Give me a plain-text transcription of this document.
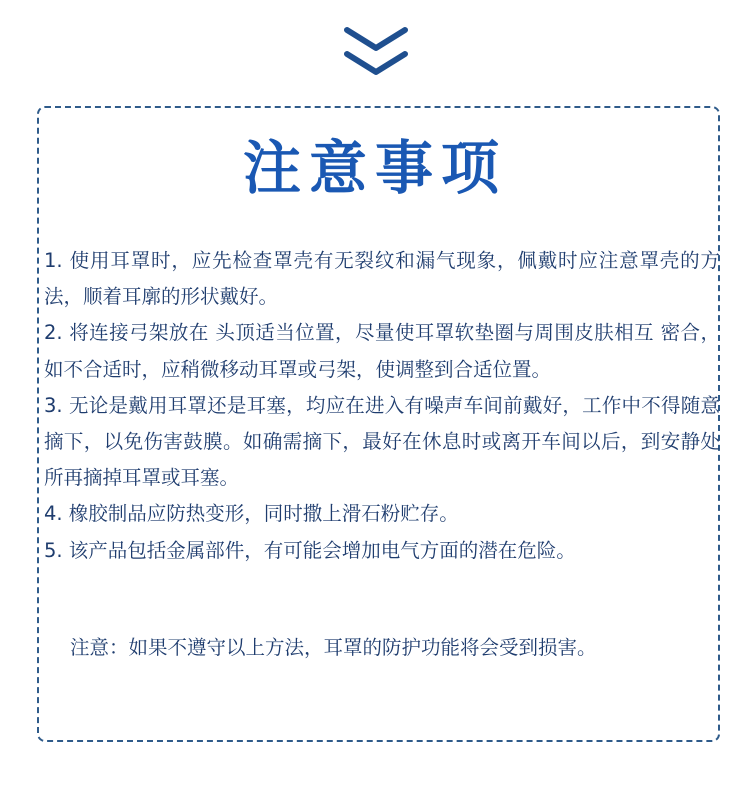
注意事项

1. 使用耳罩时，应先检查罩壳有无裂纹和漏气现象，佩戴时应注意罩壳的方法，顺着耳廓的形状戴好。

2. 将连接弓架放在 头顶适当位置，尽量使耳罩软垫圈与周围皮肤相互 密合，如不合适时，应稍微移动耳罩或弓架，使调整到合适位置。

3. 无论是戴用耳罩还是耳塞，均应在进入有噪声车间前戴好，工作中不得随意摘下，以免伤害鼓膜。如确需摘下，最好在休息时或离开车间以后，到安静处所再摘掉耳罩或耳塞。

4. 橡胶制品应防热变形，同时撒上滑石粉贮存。

5. 该产品包括金属部件，有可能会增加电气方面的潜在危险。

注意：如果不遵守以上方法，耳罩的防护功能将会受到损害。
